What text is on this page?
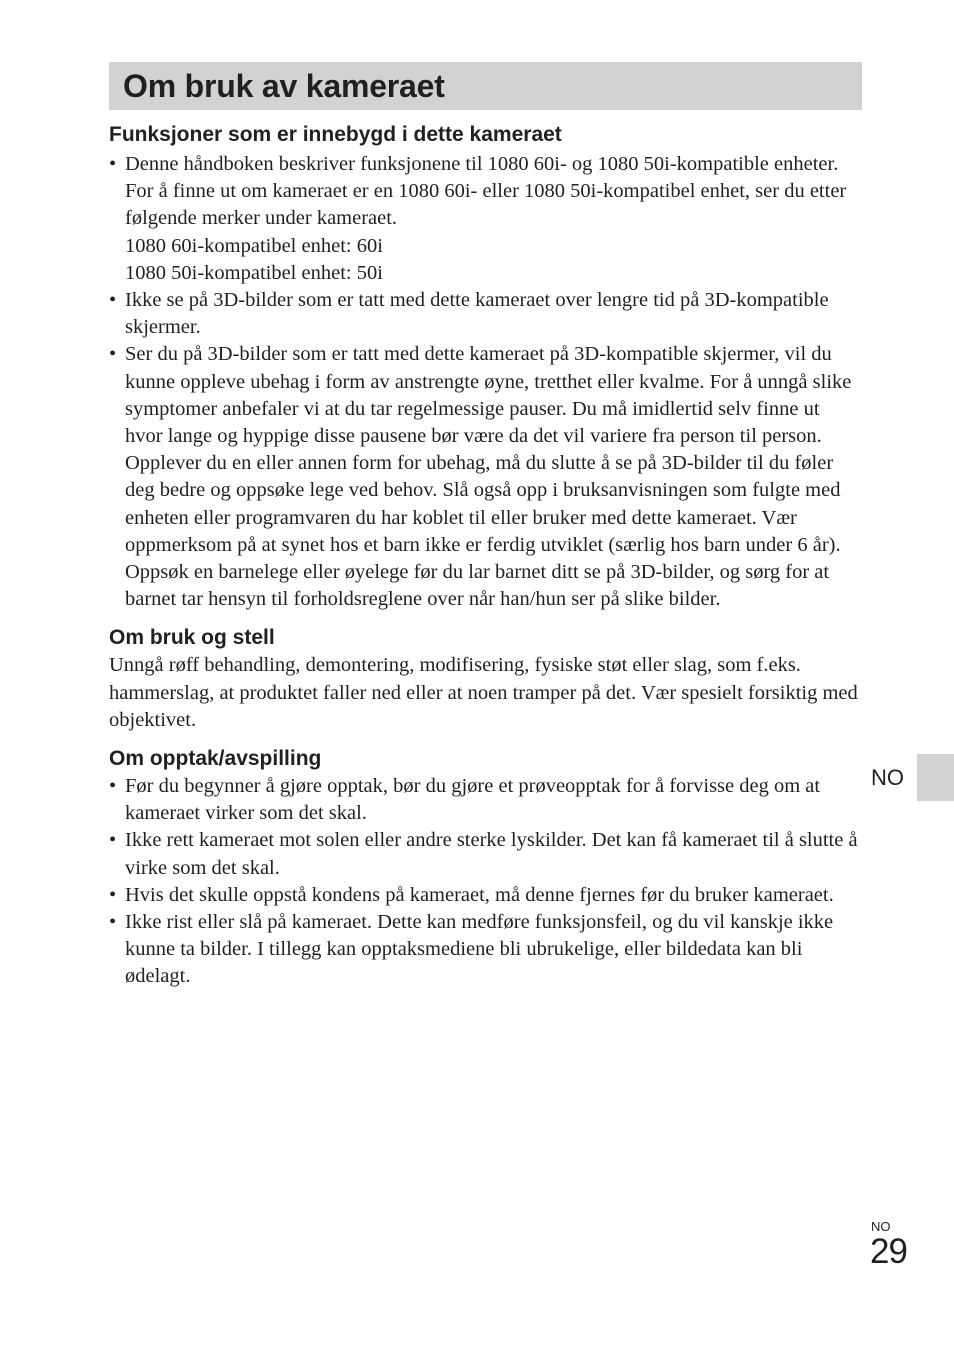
Om bruk av kameraet
Funksjoner som er innebygd i dette kameraet
• Denne håndboken beskriver funksjonene til 1080 60i- og 1080 50i-kompatible enheter.

For å finne ut om kameraet er en 1080 60i- eller 1080 50i-kompatibel enhet, ser du etter følgende merker under kameraet.

1080 60i-kompatibel enhet: 60i

1080 50i-kompatibel enhet: 50i

• Ikke se på 3D-bilder som er tatt med dette kameraet over lengre tid på 3D-kompatible skjermer.
• Ser du på 3D-bilder som er tatt med dette kameraet på 3D-kompatible skjermer, vil du kunne oppleve ubehag i form av anstrengte øyne, tretthet eller kvalme. For å unngå slike symptomer anbefaler vi at du tar regelmessige pauser. Du må imidlertid selv finne ut hvor lange og hyppige disse pausene bør være da det vil variere fra person til person. Opplever du en eller annen form for ubehag, må du slutte å se på 3D-bilder til du føler deg bedre og oppsøke lege ved behov. Slå også opp i bruksanvisningen som fulgte med enheten eller programvaren du har koblet til eller bruker med dette kameraet. Vær oppmerksom på at synet hos et barn ikke er ferdig utviklet (særlig hos barn under 6 år).

Oppsøk en barnelege eller øyelege før du lar barnet ditt se på 3D-bilder, og sørg for at barnet tar hensyn til forholdsreglene over når han/hun ser på slike bilder.

Om bruk og stell

Unngå røff behandling, demontering, modifisering, fysiske støt eller slag, som f.eks. hammerslag, at produktet faller ned eller at noen tramper på det. Vær spesielt forsiktig med objektivet.

Om opptak/avspilling
• Før du begynner å gjøre opptak, bør du gjøre et prøveopptak for å forvisse deg om at kameraet virker som det skal.
• Ikke rett kameraet mot solen eller andre sterke lyskilder. Det kan få kameraet til å slutte å virke som det skal.
• Hvis det skulle oppstå kondens på kameraet, må denne fjernes før du bruker kameraet.
• Ikke rist eller slå på kameraet. Dette kan medføre funksjonsfeil, og du vil kanskje ikke kunne ta bilder. I tillegg kan opptaksmediene bli ubrukelige, eller bildedata kan bli ødelagt.
NO
NO
29
